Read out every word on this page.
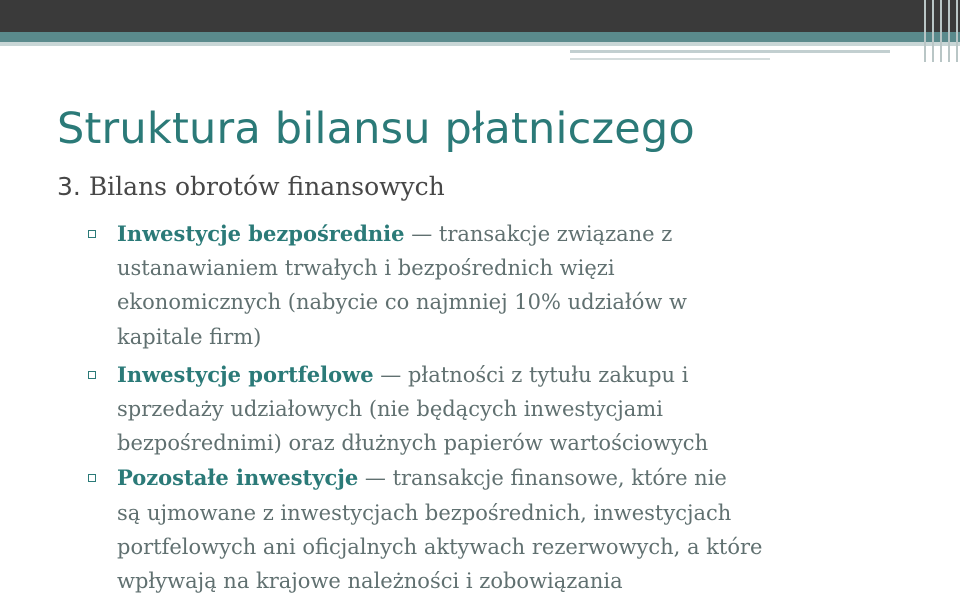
Struktura bilansu płatniczego
3. Bilans obrotów finansowych
Inwestycje bezpośrednie — transakcje związane z
ustanawianiem trwałych i bezpośrednich więzi
ekonomicznych (nabycie co najmniej 10% udziałów w
kapitale firm)
Inwestycje portfelowe — płatności z tytułu zakupu i
sprzedaży udziałowych (nie będących inwestycjami
bezpośrednimi) oraz dłużnych papierów wartościowych
Pozostałe inwestycje — transakcje finansowe, które nie
są ujmowane z inwestycjach bezpośrednich, inwestycjach
portfelowych ani oficjalnych aktywach rezerwowych, a które
wpływają na krajowe należności i zobowiązania
